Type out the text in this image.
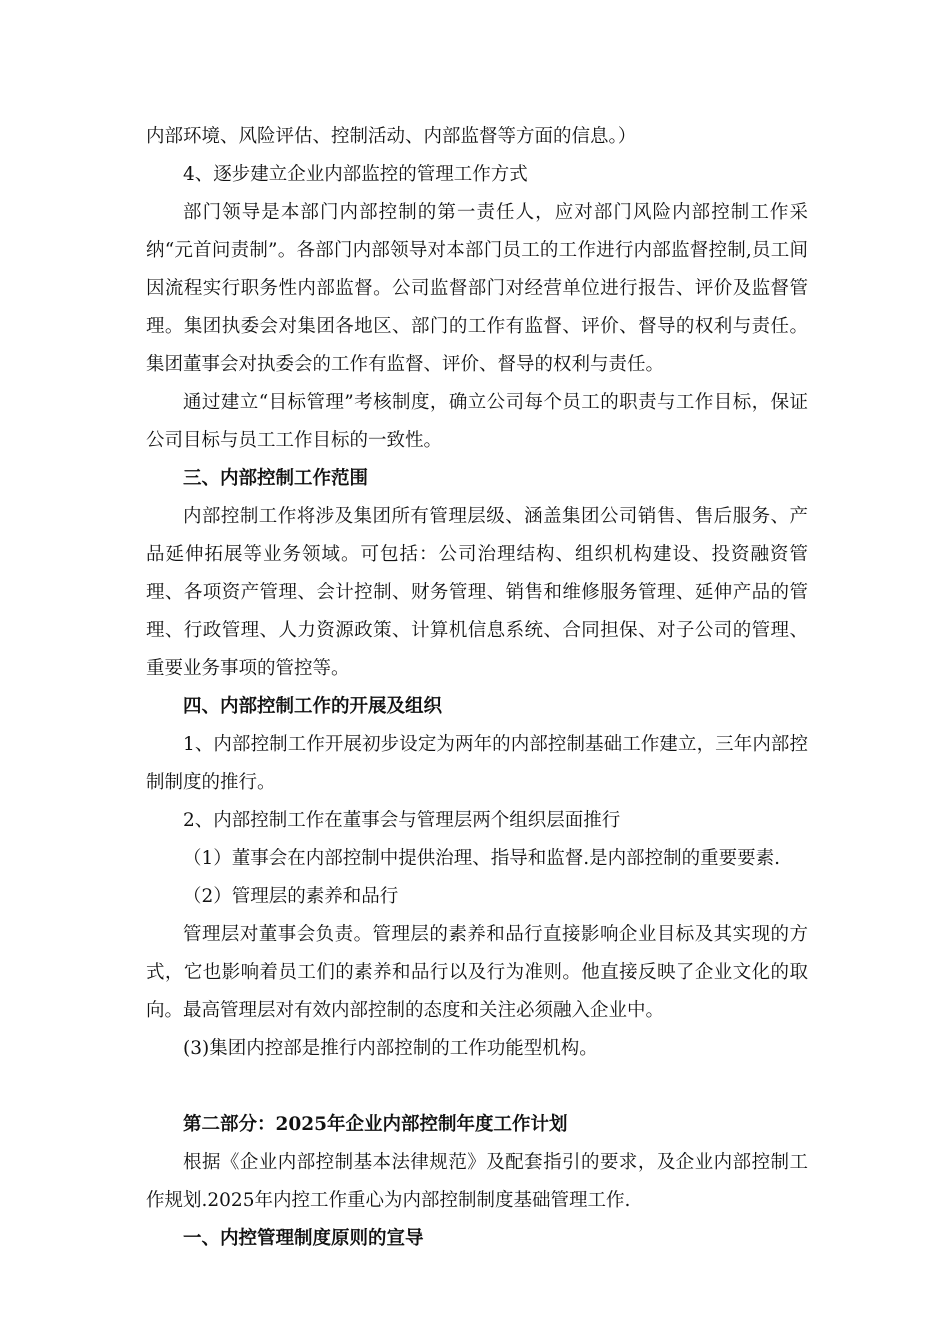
内部环境、风险评估、控制活动、内部监督等方面的信息。）

4、逐步建立企业内部监控的管理工作方式

部门领导是本部门内部控制的第一责任人，应对部门风险内部控制工作采纳“元首问责制”。各部门内部领导对本部门员工的工作进行内部监督控制,员工间因流程实行职务性内部监督。公司监督部门对经营单位进行报告、评价及监督管理。集团执委会对集团各地区、部门的工作有监督、评价、督导的权利与责任。集团董事会对执委会的工作有监督、评价、督导的权利与责任。

通过建立“目标管理”考核制度，确立公司每个员工的职责与工作目标，保证公司目标与员工工作目标的一致性。

三、内部控制工作范围

内部控制工作将涉及集团所有管理层级、涵盖集团公司销售、售后服务、产品延伸拓展等业务领域。可包括：公司治理结构、组织机构建设、投资融资管理、各项资产管理、会计控制、财务管理、销售和维修服务管理、延伸产品的管理、行政管理、人力资源政策、计算机信息系统、合同担保、对子公司的管理、重要业务事项的管控等。

四、内部控制工作的开展及组织

1、内部控制工作开展初步设定为两年的内部控制基础工作建立，三年内部控制制度的推行。

2、内部控制工作在董事会与管理层两个组织层面推行

（1）董事会在内部控制中提供治理、指导和监督.是内部控制的重要要素.

（2）管理层的素养和品行

管理层对董事会负责。管理层的素养和品行直接影响企业目标及其实现的方式，它也影响着员工们的素养和品行以及行为准则。他直接反映了企业文化的取向。最高管理层对有效内部控制的态度和关注必须融入企业中。

(3)集团内控部是推行内部控制的工作功能型机构。

第二部分：2025年企业内部控制年度工作计划

根据《企业内部控制基本法律规范》及配套指引的要求，及企业内部控制工作规划.2025年内控工作重心为内部控制制度基础管理工作.

一、内控管理制度原则的宣导
